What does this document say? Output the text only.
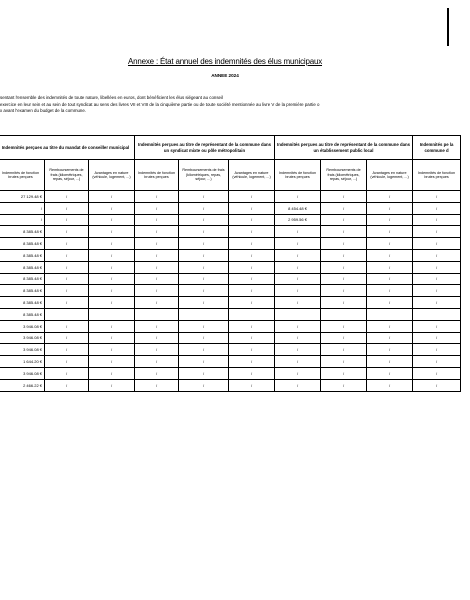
Annexe : État annuel des indemnités des élus municipaux
ANNEE 2024
sentant l'ensemble des indemnités de toute nature, libellées en euros, dont bénéficient les élus siégeant au conseil
exercice en leur sein et au sein de tout syndicat au sens des livres VII et VIII de la cinquième partie ou de toute société mentionnée au livre V de la première partie o
x avant l'examen du budget de la commune.
Indemnités perçues au titre du mandat de conseiller municipal			Indemnités perçues au titre de représentant de la commune dans un syndicat mixte ou pôle métropolitain			Indemnités perçues au titre de représentant de la commune dans un établissement public local			Indemnités pe la commune d
Indemnités de fonction brutes perçues	Remboursements de frais (kilométriques, repas, séjour, ...)	Avantages en nature (véhicule, logement, ...)	Indemnités de fonction brutes perçues	Remboursements de frais (kilométriques, repas, séjour, ...)	Avantages en nature (véhicule, logement, ...)	Indemnités de fonction brutes perçues	Remboursements de frais (kilométriques, repas, séjour, ...)	Avantages en nature (véhicule, logement, ...)	Indemnités de fonction brutes perçues
27 129.48 €	/	/	/	/	/	/	/	/	/
/	/	/	/	/	/	8 454.48 €	/	/	/
/	/	/	/	/	/	2 959.56 €	/	/	/
8 385.48 €	/	/	/	/	/	/	/	/	/
8 385.48 €	/	/	/	/	/	/	/	/	/
8 385.48 €	/	/	/	/	/	/	/	/	/
8 385.48 €	/	/	/	/	/	/	/	/	/
8 385.48 €	/	/	/	/	/	/	/	/	/
8 385.48 €	/	/	/	/	/	/	/	/	/
8 385.48 €	/	/	/	/	/	/	/	/	/
8 385.48 €									
3 946.08 €	/	/	/	/	/	/	/	/	/
3 946.08 €	/	/	/	/	/	/	/	/	/
3 946.08 €	/	/	/	/	/	/	/	/	/
1 644.20 €	/	/	/	/	/	/	/	/	/
3 946.08 €	/	/	/	/	/	/	/	/	/
2 466.22 €	/	/	/	/	/	/	/	/	/
